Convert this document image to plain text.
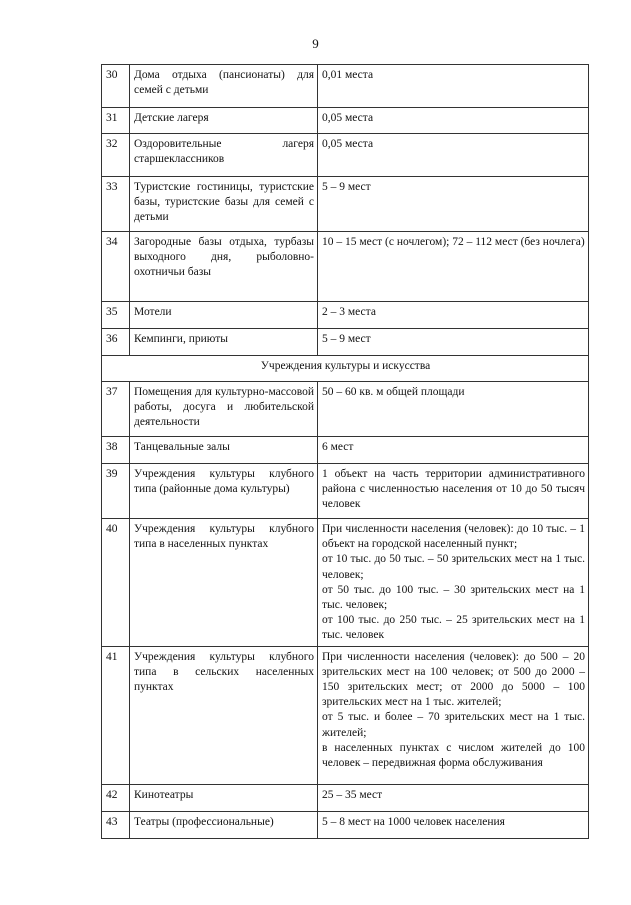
9
30	Дома отдыха (пансионаты) для семей с детьми	0,01 места

31	Детские лагеря	0,05 места

32	Оздоровительные лагеря старшеклассников	0,05 места

33	Туристские гостиницы, туристские базы, туристские базы для семей с детьми	5 – 9 мест

34	Загородные базы отдыха, турбазы выходного дня, рыболовно-охотничьи базы	10 – 15 мест (с ночлегом); 72 – 112 мест (без ночлега)

35	Мотели	2 – 3 места

36	Кемпинги, приюты	5 – 9 мест

Учреждения культуры и искусства		
37	Помещения для культурно-массовой работы, досуга и любительской деятельности	50 – 60 кв. м общей площади

38	Танцевальные залы	6 мест

39	Учреждения культуры клубного типа (районные дома культуры)	1 объект на часть территории административного района с численностью населения от 10 до 50 тысяч человек

40	Учреждения культуры клубного типа в населенных пунктах	При численности населения (человек): до 10 тыс. – 1 объект на городской населенный пункт;
от 10 тыс. до 50 тыс. – 50 зрительских мест на 1 тыс. человек;
от 50 тыс. до 100 тыс. – 30 зрительских мест на 1 тыс. человек;
от 100 тыс. до 250 тыс. – 25 зрительских мест на 1 тыс. человек

41	Учреждения культуры клубного типа в сельских населенных пунктах	При численности населения (человек): до 500 – 20 зрительских мест на 100 человек; от 500 до 2000 – 150 зрительских мест; от 2000 до 5000 – 100 зрительских мест на 1 тыс. жителей;
от 5 тыс. и более – 70 зрительских мест на 1 тыс. жителей;
в населенных пунктах с числом жителей до 100 человек – передвижная форма обслуживания

42	Кинотеатры	25 – 35 мест

43	Театры (профессиональные)	5 – 8 мест на 1000 человек населения
